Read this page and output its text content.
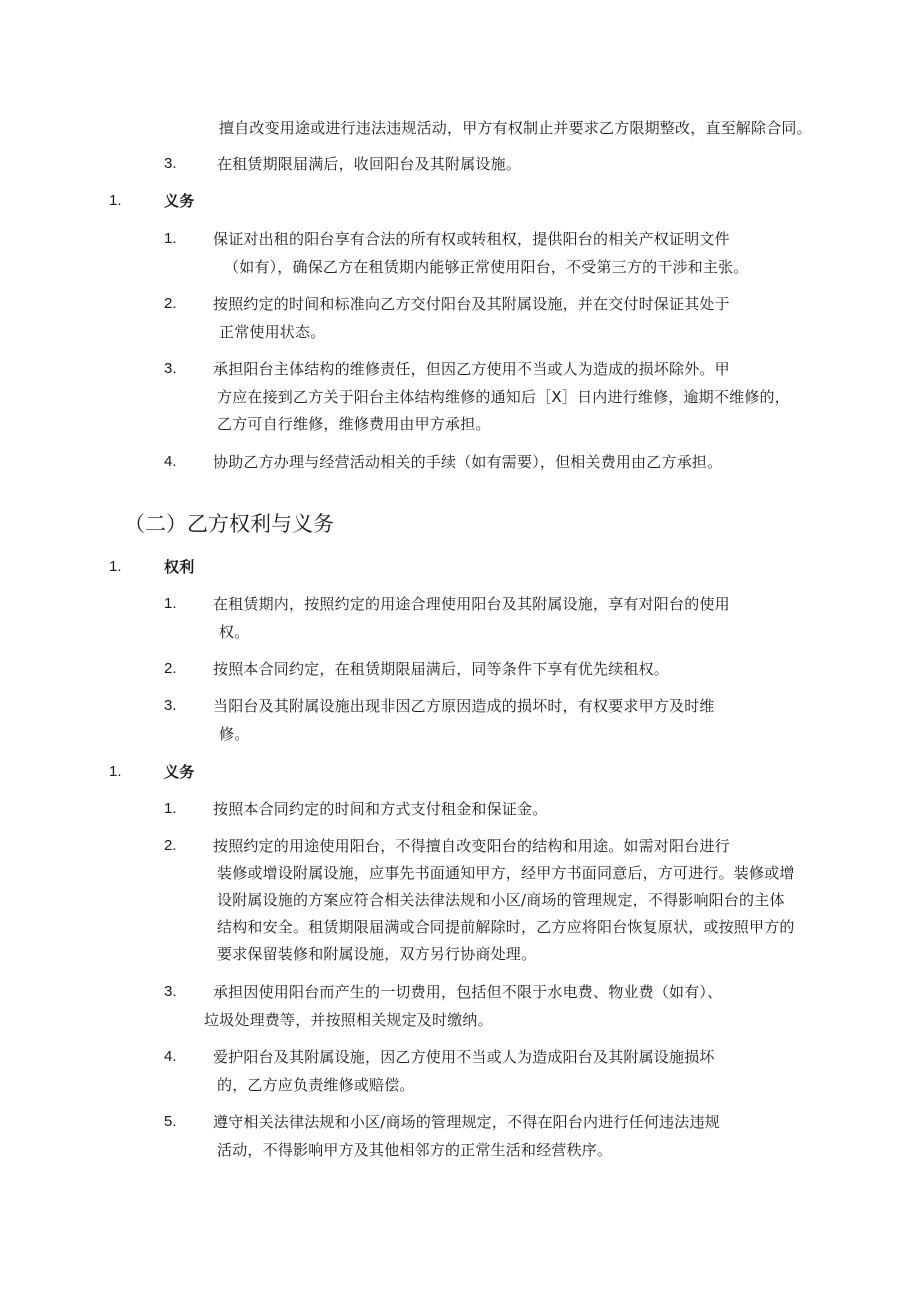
擅自改变用途或进行违法违规活动，甲方有权制止并要求乙方限期整改，直至解除合同。
3.	在租赁期限届满后，收回阳台及其附属设施。
1.	义务
1. 保证对出租的阳台享有合法的所有权或转租权，提供阳台的相关产权证明文件
（如有），确保乙方在租赁期内能够正常使用阳台，不受第三方的干涉和主张。
2. 按照约定的时间和标准向乙方交付阳台及其附属设施，并在交付时保证其处于
正常使用状态。
3. 承担阳台主体结构的维修责任，但因乙方使用不当或人为造成的损坏除外。甲
方应在接到乙方关于阳台主体结构维修的通知后［X］日内进行维修，逾期不维修的，
乙方可自行维修，维修费用由甲方承担。
4. 协助乙方办理与经营活动相关的手续（如有需要），但相关费用由乙方承担。
（二）乙方权利与义务
1.	权利
1. 在租赁期内，按照约定的用途合理使用阳台及其附属设施，享有对阳台的使用
权。
2. 按照本合同约定，在租赁期限届满后，同等条件下享有优先续租权。
3. 当阳台及其附属设施出现非因乙方原因造成的损坏时，有权要求甲方及时维
修。
1.	义务
1. 按照本合同约定的时间和方式支付租金和保证金。
2. 按照约定的用途使用阳台，不得擅自改变阳台的结构和用途。如需对阳台进行
装修或增设附属设施，应事先书面通知甲方，经甲方书面同意后，方可进行。装修或增
设附属设施的方案应符合相关法律法规和小区/商场的管理规定，不得影响阳台的主体
结构和安全。租赁期限届满或合同提前解除时，乙方应将阳台恢复原状，或按照甲方的
要求保留装修和附属设施，双方另行协商处理。
3. 承担因使用阳台而产生的一切费用，包括但不限于水电费、物业费（如有）、
垃圾处理费等，并按照相关规定及时缴纳。
4. 爱护阳台及其附属设施，因乙方使用不当或人为造成阳台及其附属设施损坏
的，乙方应负责维修或赔偿。
5. 遵守相关法律法规和小区/商场的管理规定，不得在阳台内进行任何违法违规
活动，不得影响甲方及其他相邻方的正常生活和经营秩序。
